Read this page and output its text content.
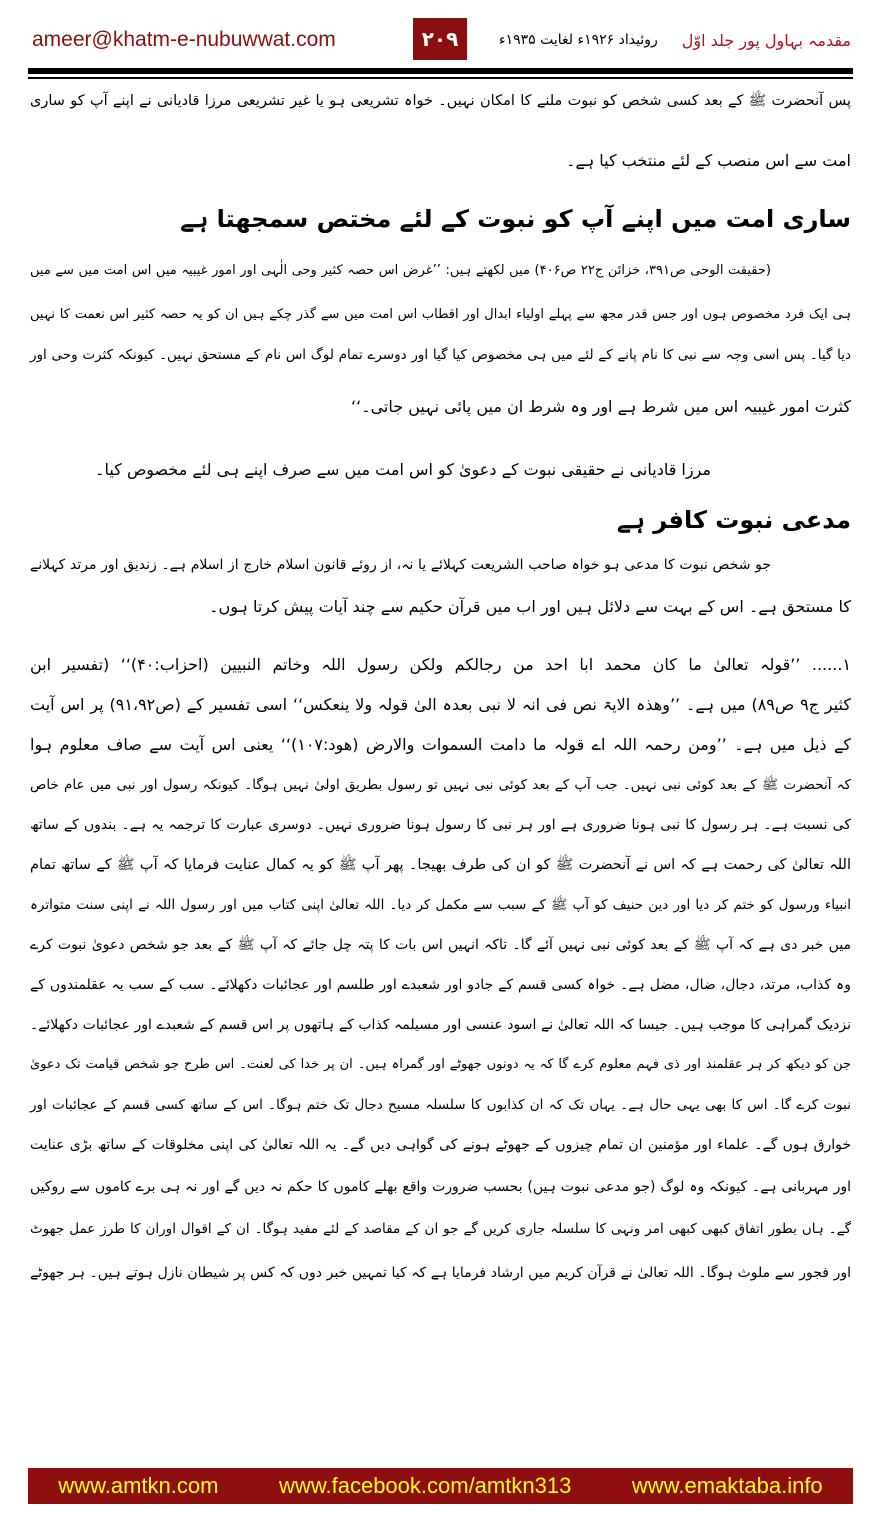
ameer@khatm-e-nubuwwat.com	۲۰۹	مقدمہ بہاول پور جلد اوّل
روئیداد ۱۹۲۶ء لغایت ۱۹۳۵ء
پس آنحضرت ﷺ کے بعد کسی شخص کو نبوت ملنے کا امکان نہیں۔ خواہ تشریعی ہو یا غیر تشریعی مرزا قادیانی نے اپنے آپ کو ساری
امت سے اس منصب کے لئے منتخب کیا ہے۔
ساری امت میں اپنے آپ کو نبوت کے لئے مختص سمجھتا ہے
(حقیقت الوحی ص۳۹۱، خزائن ج۲۲ ص۴۰۶) میں لکھتے ہیں: ’’غرض اس حصہ کثیر وحی الٰہی اور امور غیبیہ میں اس امت میں سے میں
ہی ایک فرد مخصوص ہوں اور جس قدر مجھ سے پہلے اولیاء ابدال اور اقطاب اس امت میں سے گذر چکے ہیں ان کو یہ حصہ کثیر اس نعمت کا نہیں
دیا گیا۔ پس اسی وجہ سے نبی کا نام پانے کے لئے میں ہی مخصوص کیا گیا اور دوسرے تمام لوگ اس نام کے مستحق نہیں۔ کیونکہ کثرت وحی اور
کثرت امور غیبیہ اس میں شرط ہے اور وہ شرط ان میں پائی نہیں جاتی۔‘‘
مرزا قادیانی نے حقیقی نبوت کے دعویٰ کو اس امت میں سے صرف اپنے ہی لئے مخصوص کیا۔
مدعی نبوت کافر ہے
جو شخص نبوت کا مدعی ہو خواہ صاحب الشریعت کہلائے یا نہ، از روئے قانون اسلام خارج از اسلام ہے۔ زندیق اور مرتد کہلانے
کا مستحق ہے۔ اس کے بہت سے دلائل ہیں اور اب میں قرآن حکیم سے چند آیات پیش کرتا ہوں۔
۱...... ’’قولہ تعالیٰ ما کان محمد ابا احد من رجالکم ولکن رسول اللہ وخاتم النبیین (احزاب:۴۰)‘‘ (تفسیر ابن
کثیر ج۹ ص۸۹) میں ہے۔ ’’وھذہ الایۃ نص فی انہ لا نبی بعدہ الیٰ قولہ ولا ینعکس‘‘ اسی تفسیر کے (ص۹۱،۹۲) پر اس آیت
کے ذیل میں ہے۔ ’’ومن رحمہ اللہ اے قولہ ما دامت السموات والارض (ھود:۱۰۷)‘‘ یعنی اس آیت سے صاف معلوم ہوا
کہ آنحضرت ﷺ کے بعد کوئی نبی نہیں۔ جب آپ کے بعد کوئی نبی نہیں تو رسول بطریق اولیٰ نہیں ہوگا۔ کیونکہ رسول اور نبی میں عام خاص
کی نسبت ہے۔ ہر رسول کا نبی ہونا ضروری ہے اور ہر نبی کا رسول ہونا ضروری نہیں۔ دوسری عبارت کا ترجمہ یہ ہے۔ بندوں کے ساتھ
اللہ تعالیٰ کی رحمت ہے کہ اس نے آنحضرت ﷺ کو ان کی طرف بھیجا۔ پھر آپ ﷺ کو یہ کمال عنایت فرمایا کہ آپ ﷺ کے ساتھ تمام
انبیاء ورسول کو ختم کر دیا اور دین حنیف کو آپ ﷺ کے سبب سے مکمل کر دیا۔ اللہ تعالیٰ اپنی کتاب میں اور رسول اللہ نے اپنی سنت متواترہ
میں خبر دی ہے کہ آپ ﷺ کے بعد کوئی نبی نہیں آئے گا۔ تاکہ انہیں اس بات کا پتہ چل جائے کہ آپ ﷺ کے بعد جو شخص دعویٰ نبوت کرے
وہ کذاب، مرتد، دجال، ضال، مضل ہے۔ خواہ کسی قسم کے جادو اور شعبدے اور طلسم اور عجائبات دکھلائے۔ سب کے سب یہ عقلمندوں کے
نزدیک گمراہی کا موجب ہیں۔ جیسا کہ اللہ تعالیٰ نے اسود عنسی اور مسیلمہ کذاب کے ہاتھوں پر اس قسم کے شعبدے اور عجائبات دکھلائے۔
جن کو دیکھ کر ہر عقلمند اور ذی فہم معلوم کرے گا کہ یہ دونوں جھوٹے اور گمراہ ہیں۔ ان پر خدا کی لعنت۔ اس طرح جو شخص قیامت تک دعویٰ
نبوت کرے گا۔ اس کا بھی یہی حال ہے۔ یہاں تک کہ ان کذابوں کا سلسلہ مسیح دجال تک ختم ہوگا۔ اس کے ساتھ کسی قسم کے عجائبات اور
خوارق ہوں گے۔ علماء اور مؤمنین ان تمام چیزوں کے جھوٹے ہونے کی گواہی دیں گے۔ یہ اللہ تعالیٰ کی اپنی مخلوقات کے ساتھ بڑی عنایت
اور مہربانی ہے۔ کیونکہ وہ لوگ (جو مدعی نبوت ہیں) بحسب ضرورت واقع بھلے کاموں کا حکم نہ دیں گے اور نہ ہی برے کاموں سے روکیں
گے۔ ہاں بطور اتفاق کبھی کبھی امر ونہی کا سلسلہ جاری کریں گے جو ان کے مقاصد کے لئے مفید ہوگا۔ ان کے اقوال اوران کا طرز عمل جھوٹ
اور فجور سے ملوث ہوگا۔ اللہ تعالیٰ نے قرآن کریم میں ارشاد فرمایا ہے کہ کیا تمہیں خبر دوں کہ کس پر شیطان نازل ہوتے ہیں۔ ہر جھوٹے
www.amtkn.com	www.facebook.com/amtkn313	www.emaktaba.info
